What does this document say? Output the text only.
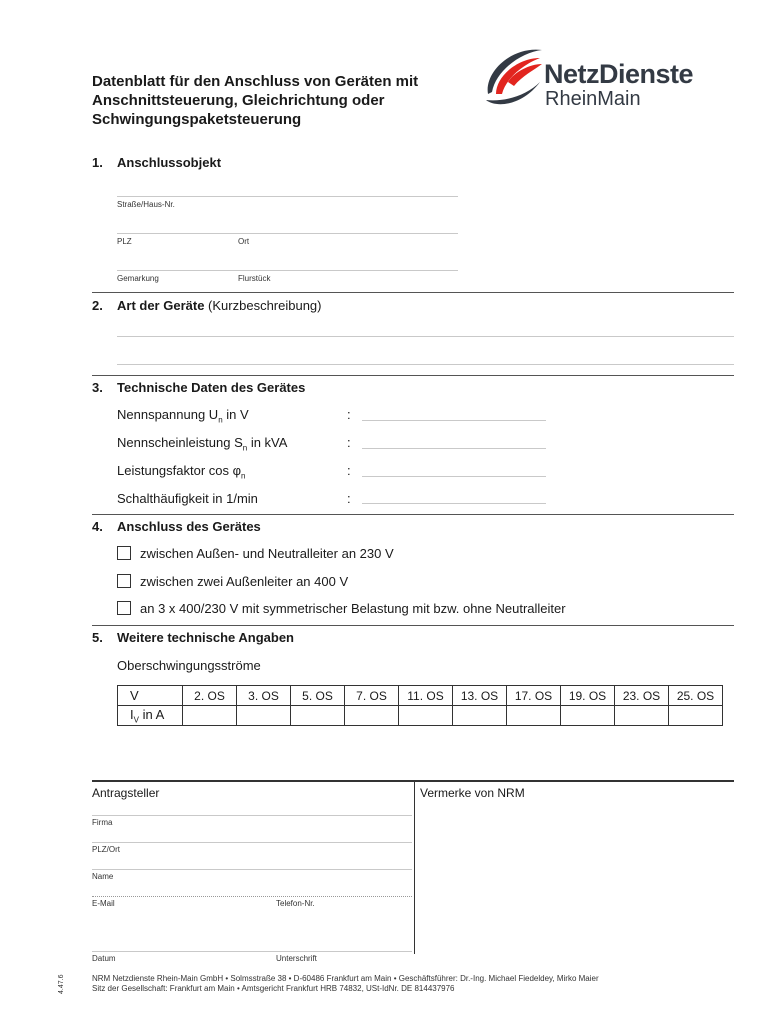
Datenblatt für den Anschluss von Geräten mit
Anschnittsteuerung, Gleichrichtung oder
Schwingungspaketsteuerung
NetzDienste
RheinMain
1. Anschlussobjekt
Straße/Haus-Nr.
PLZ	Ort
Gemarkung	Flurstück
2. Art der Geräte (Kurzbeschreibung)
3. Technische Daten des Gerätes
Nennspannung $U_n$ in V	:
Nennscheinleistung $S_n$ in kVA	:
Leistungsfaktor $\cos \varphi_n$	:
Schalthäufigkeit in 1/min	:
4. Anschluss des Gerätes
zwischen Außen- und Neutralleiter an 230 V
zwischen zwei Außenleiter an 400 V
an 3 x 400/230 V mit symmetrischer Belastung mit bzw. ohne Neutralleiter
5. Weitere technische Angaben
Oberschwingungsströme
V	2. OS	3. OS	5. OS	7. OS	11. OS	13. OS	17. OS	19. OS	23. OS	25. OS
$I_V$ in A										
Antragsteller	Vermerke von NRM
Firma
PLZ/Ort
Name
E-Mail	Telefon-Nr.
Datum	Unterschrift
NRM Netzdienste Rhein-Main GmbH • Solmsstraße 38 • D-60486 Frankfurt am Main • Geschäftsführer: Dr.-Ing. Michael Fiedeldey, Mirko Maier
Sitz der Gesellschaft: Frankfurt am Main • Amtsgericht Frankfurt HRB 74832, USt-IdNr. DE 814437976
4.47.6
